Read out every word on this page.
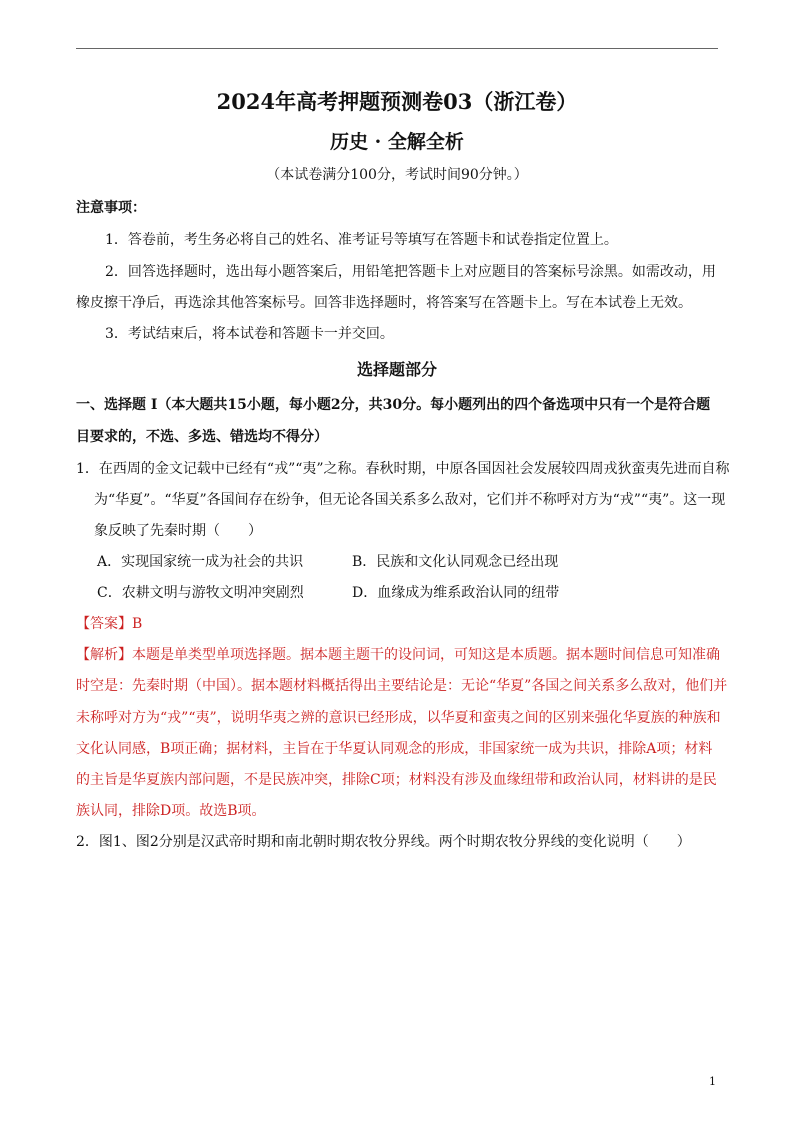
2024年高考押题预测卷03（浙江卷）
历史 · 全解全析
（本试卷满分100分，考试时间90分钟。）
注意事项：
1．答卷前，考生务必将自己的姓名、准考证号等填写在答题卡和试卷指定位置上。
2．回答选择题时，选出每小题答案后，用铅笔把答题卡上对应题目的答案标号涂黑。如需改动，用
橡皮擦干净后，再选涂其他答案标号。回答非选择题时，将答案写在答题卡上。写在本试卷上无效。
3．考试结束后，将本试卷和答题卡一并交回。
选择题部分
一、选择题 I（本大题共15小题，每小题2分，共30分。每小题列出的四个备选项中只有一个是符合题
目要求的，不选、多选、错选均不得分）
1．在西周的金文记载中已经有“戎”“夷”之称。春秋时期，中原各国因社会发展较四周戎狄蛮夷先进而自称
为“华夏”。“华夏”各国间存在纷争，但无论各国关系多么敌对，它们并不称呼对方为“戎”“夷”。这一现
象反映了先秦时期（　　）
A．实现国家统一成为社会的共识	B．民族和文化认同观念已经出现
C．农耕文明与游牧文明冲突剧烈	D．血缘成为维系政治认同的纽带
【答案】B
【解析】本题是单类型单项选择题。据本题主题干的设问词，可知这是本质题。据本题时间信息可知准确
时空是：先秦时期（中国）。据本题材料概括得出主要结论是：无论“华夏”各国之间关系多么敌对，他们并
未称呼对方为“戎”“夷”，说明华夷之辨的意识已经形成，以华夏和蛮夷之间的区别来强化华夏族的种族和
文化认同感，B项正确；据材料，主旨在于华夏认同观念的形成，非国家统一成为共识，排除A项；材料
的主旨是华夏族内部问题，不是民族冲突，排除C项；材料没有涉及血缘纽带和政治认同，材料讲的是民
族认同，排除D项。故选B项。
2．图1、图2分别是汉武帝时期和南北朝时期农牧分界线。两个时期农牧分界线的变化说明（　　）
1
